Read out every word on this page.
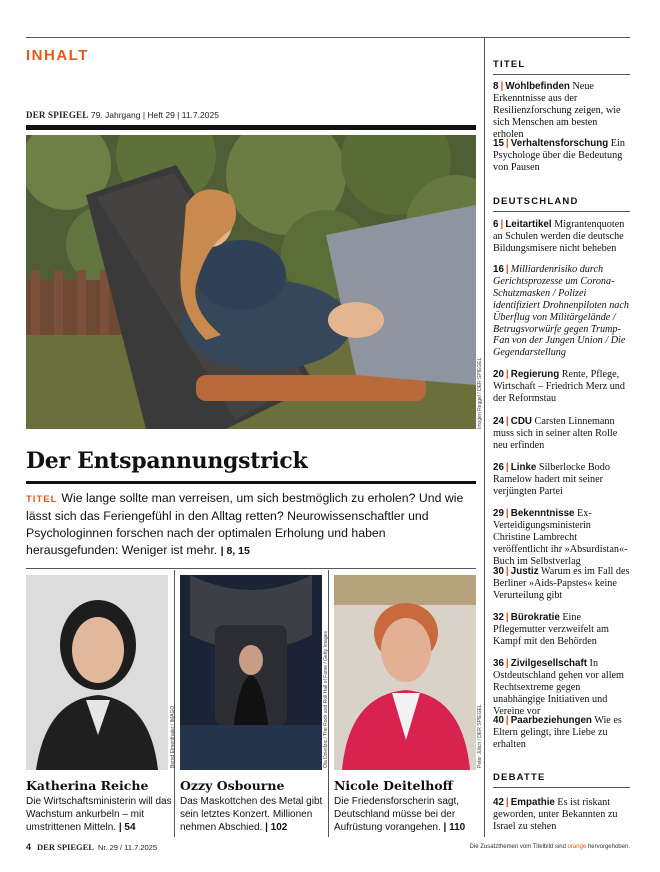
INHALT
DER SPIEGEL 79. Jahrgang | Heft 29 | 11.7.2025
Imogen Reggel / DER SPIEGEL
Der Entspannungstrick
TITEL Wie lange sollte man verreisen, um sich bestmöglich zu erholen? Und wie lässt sich das Feriengefühl in den Alltag retten? Neurowissenschaftler und Psychologinnen forschen nach der optimalen Erholung und haben herausgefunden: Weniger ist mehr. | 8, 15
Bernd Elmenthaler / IMAGO
Katherina Reiche
Die Wirtschaftsministerin will das Wachstum ankurbeln – mit umstrittenen Mitteln. | 54
Ola Dziedzic / The Rock and Roll Hall of Fame / Getty Images
Ozzy Osbourne
Das Maskottchen des Metal gibt sein letztes Konzert. Millionen nehmen Abschied. | 102
Peter Jülich / DER SPIEGEL
Nicole Deitelhoff
Die Friedensforscherin sagt, Deutschland müsse bei der Aufrüstung vorangehen. | 110
TITEL
DEUTSCHLAND
DEBATTE
8 | Wohlbefinden Neue Erkenntnisse aus der Resilienzforschung zeigen, wie sich Menschen am besten erholen
15 | Verhaltensforschung Ein Psychologe über die Bedeutung von Pausen
6 | Leitartikel Migrantenquoten an Schulen werden die deutsche Bildungsmisere nicht beheben
16 | Milliardenrisiko durch Gerichtsprozesse um Corona-Schutzmasken / Polizei identifiziert Drohnenpiloten nach Überflug von Militärgelände / Betrugsvorwürfe gegen Trump-Fan von der Jungen Union / Die Gegendarstellung
20 | Regierung Rente, Pflege, Wirtschaft – Friedrich Merz und der Reformstau
24 | CDU Carsten Linnemann muss sich in seiner alten Rolle neu erfinden
26 | Linke Silberlocke Bodo Ramelow hadert mit seiner verjüngten Partei
29 | Bekenntnisse Ex-Verteidigungsministerin Christine Lambrecht veröffentlicht ihr »Absurdistan«-Buch im Selbstverlag
30 | Justiz Warum es im Fall des Berliner »Aids-Papstes« keine Verurteilung gibt
32 | Bürokratie Eine Pflegemutter verzweifelt am Kampf mit den Behörden
36 | Zivilgesellschaft In Ostdeutschland gehen vor allem Rechtsextreme gegen unabhängige Initiativen und Vereine vor
40 | Paarbeziehungen Wie es Eltern gelingt, ihre Liebe zu erhalten
42 | Empathie Es ist riskant geworden, unter Bekannten zu Israel zu stehen
4 DER SPIEGEL Nr. 29 / 11.7.2025	Die Zusatzthemen vom Titelbild sind orange hervorgehoben.
